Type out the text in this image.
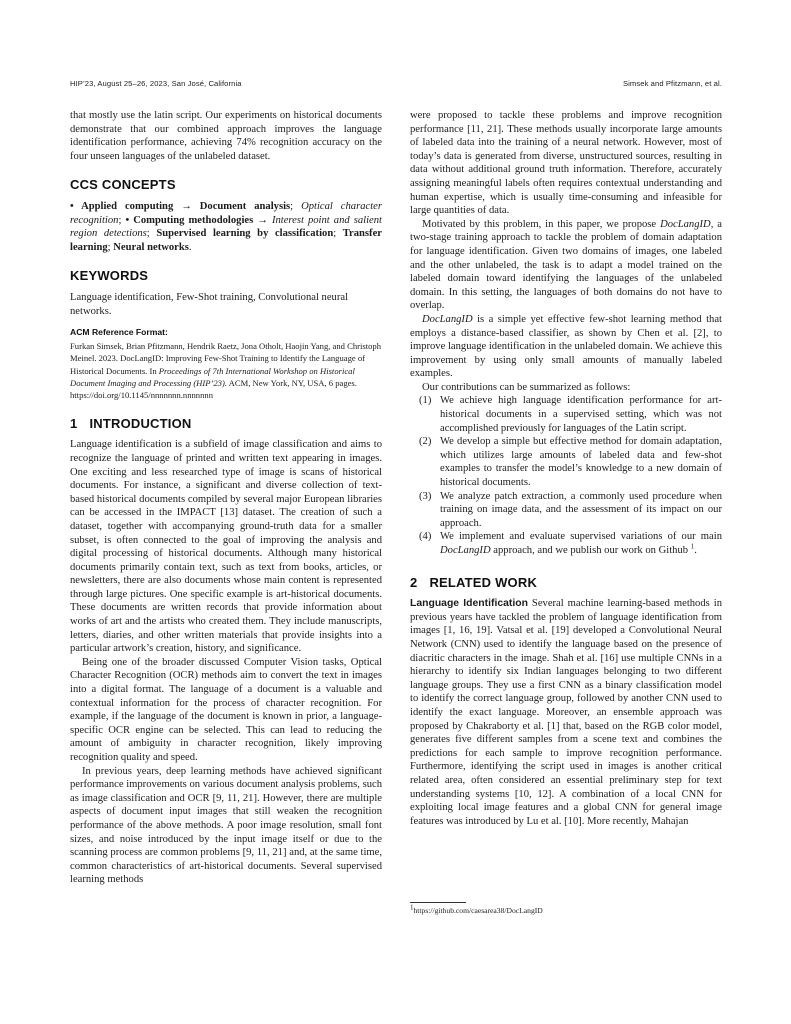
HIP’23, August 25–26, 2023, San José, California	Simsek and Pfitzmann, et al.

that mostly use the latin script. Our experiments on historical documents demonstrate that our combined approach improves the language identification performance, achieving 74% recognition accuracy on the four unseen languages of the unlabeled dataset.

CCS CONCEPTS

• Applied computing → Document analysis; Optical character recognition; • Computing methodologies → Interest point and salient region detections; Supervised learning by classification; Transfer learning; Neural networks.

KEYWORDS

Language identification, Few-Shot training, Convolutional neural networks.

ACM Reference Format:

Furkan Simsek, Brian Pfitzmann, Hendrik Raetz, Jona Otholt, Haojin Yang, and Christoph Meinel. 2023. DocLangID: Improving Few-Shot Training to Identify the Language of Historical Documents. In Proceedings of 7th International Workshop on Historical Document Imaging and Processing (HIP’23). ACM, New York, NY, USA, 6 pages. https://doi.org/10.1145/nnnnnnn.nnnnnnn

1 INTRODUCTION

Language identification is a subfield of image classification and aims to recognize the language of printed and written text appearing in images. One exciting and less researched type of image is scans of historical documents. For instance, a significant and diverse collection of text-based historical documents compiled by several major European libraries can be accessed in the IMPACT [13] dataset. The creation of such a dataset, together with accompanying ground-truth data for a smaller subset, is often connected to the goal of improving the analysis and digital processing of historical documents. Although many historical documents primarily contain text, such as text from books, articles, or newsletters, there are also documents whose main content is represented through large pictures. One specific example is art-historical documents. These documents are written records that provide information about works of art and the artists who created them. They include manuscripts, letters, diaries, and other written materials that provide insights into a particular artwork’s creation, history, and significance.

Being one of the broader discussed Computer Vision tasks, Optical Character Recognition (OCR) methods aim to convert the text in images into a digital format. The language of a document is a valuable and contextual information for the process of character recognition. For example, if the language of the document is known in prior, a language-specific OCR engine can be selected. This can lead to reducing the amount of ambiguity in character recognition, likely improving recognition quality and speed.

In previous years, deep learning methods have achieved significant performance improvements on various document analysis problems, such as image classification and OCR [9, 11, 21]. However, there are multiple aspects of document input images that still weaken the recognition performance of the above methods. A poor image resolution, small font sizes, and noise introduced by the input image itself or due to the scanning process are common problems [9, 11, 21] and, at the same time, common characteristics of art-historical documents. Several supervised learning methods

were proposed to tackle these problems and improve recognition performance [11, 21]. These methods usually incorporate large amounts of labeled data into the training of a neural network. However, most of today’s data is generated from diverse, unstructured sources, resulting in data without additional ground truth information. Therefore, accurately assigning meaningful labels often requires contextual understanding and human expertise, which is usually time-consuming and infeasible for large quantities of data.

Motivated by this problem, in this paper, we propose DocLangID, a two-stage training approach to tackle the problem of domain adaptation for language identification. Given two domains of images, one labeled and the other unlabeled, the task is to adapt a model trained on the labeled domain toward identifying the languages of the unlabeled domain. In this setting, the languages of both domains do not have to overlap.

DocLangID is a simple yet effective few-shot learning method that employs a distance-based classifier, as shown by Chen et al. [2], to improve language identification in the unlabeled domain. We achieve this improvement by using only small amounts of manually labeled examples.

Our contributions can be summarized as follows:

(1) We achieve high language identification performance for art-historical documents in a supervised setting, which was not accomplished previously for languages of the Latin script.
(2) We develop a simple but effective method for domain adaptation, which utilizes large amounts of labeled data and few-shot examples to transfer the model’s knowledge to a new domain of historical documents.
(3) We analyze patch extraction, a commonly used procedure when training on image data, and the assessment of its impact on our approach.
(4) We implement and evaluate supervised variations of our main DocLangID approach, and we publish our work on Github $^1$.
2 RELATED WORK

Language Identification Several machine learning-based methods in previous years have tackled the problem of language identification from images [1, 16, 19]. Vatsal et al. [19] developed a Convolutional Neural Network (CNN) used to identify the language based on the presence of diacritic characters in the image. Shah et al. [16] use multiple CNNs in a hierarchy to identify six Indian languages belonging to two different language groups. They use a first CNN as a binary classification model to identify the correct language group, followed by another CNN used to identify the exact language. Moreover, an ensemble approach was proposed by Chakraborty et al. [1] that, based on the RGB color model, generates five different samples from a scene text and combines the predictions for each sample to improve recognition performance. Furthermore, identifying the script used in images is another critical related area, often considered an essential preliminary step for text understanding systems [10, 12]. A combination of a local CNN for exploiting local image features and a global CNN for general image features was introduced by Lu et al. [10]. More recently, Mahajan

$^1$https://github.com/caesarea38/DocLangID
